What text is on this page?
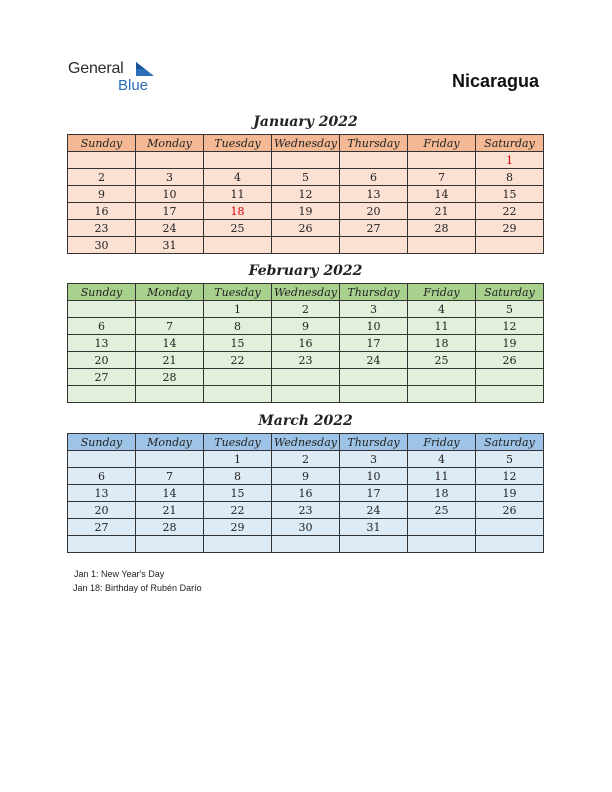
General
Blue	Nicaragua
January 2022
Sunday	Monday	Tuesday	Wednesday	Thursday	Friday	Saturday
						1
2	3	4	5	6	7	8
9	10	11	12	13	14	15
16	17	18	19	20	21	22
23	24	25	26	27	28	29
30	31					
February 2022
Sunday	Monday	Tuesday	Wednesday	Thursday	Friday	Saturday
		1	2	3	4	5
6	7	8	9	10	11	12
13	14	15	16	17	18	19
20	21	22	23	24	25	26
27	28					

March 2022
Sunday	Monday	Tuesday	Wednesday	Thursday	Friday	Saturday
		1	2	3	4	5
6	7	8	9	10	11	12
13	14	15	16	17	18	19
20	21	22	23	24	25	26
27	28	29	30	31		

Jan 1: New Year's Day
Jan 18: Birthday of Rubén Darío
